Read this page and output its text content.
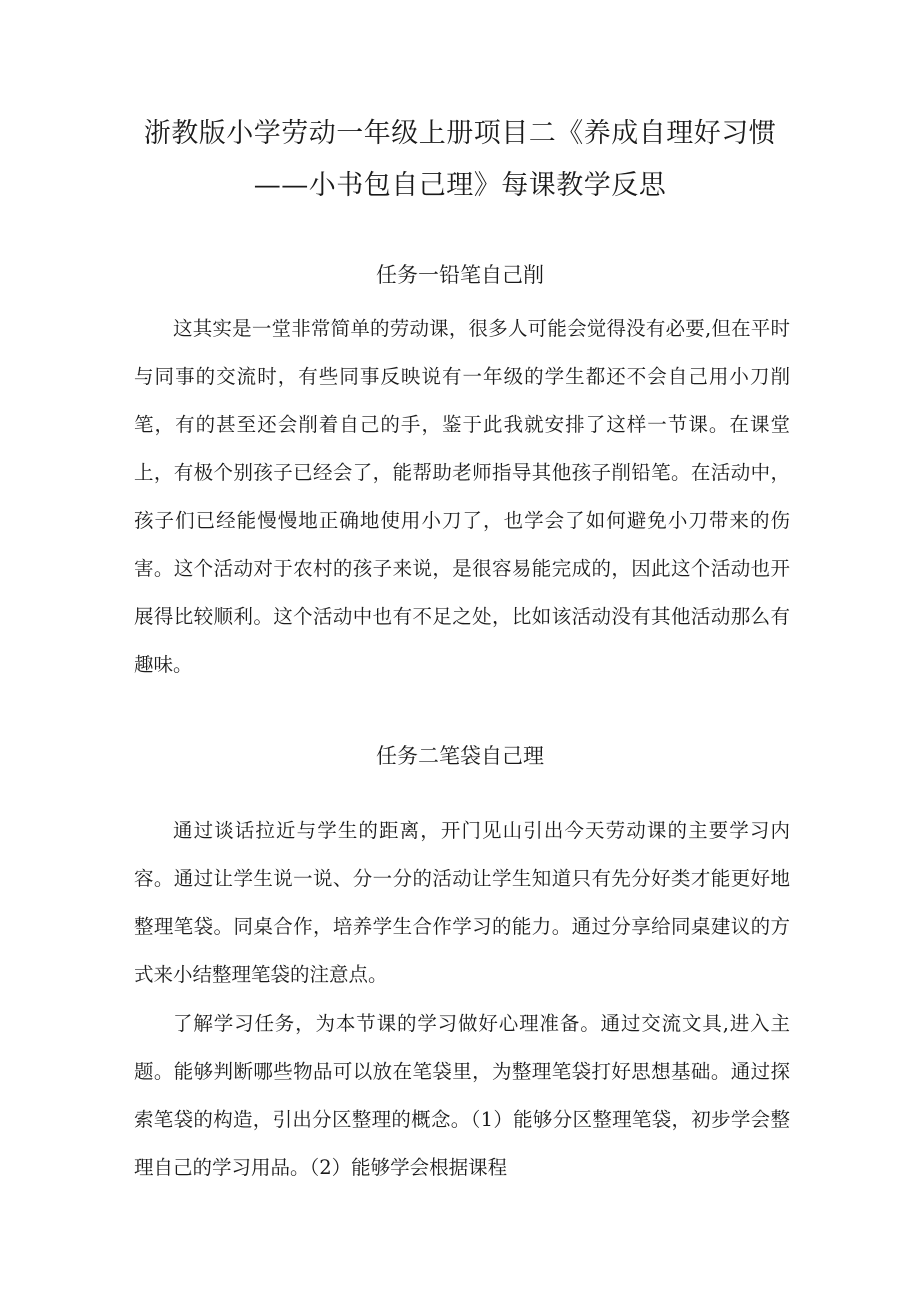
浙教版小学劳动一年级上册项目二《养成自理好习惯——小书包自己理》每课教学反思
任务一铅笔自己削

这其实是一堂非常简单的劳动课，很多人可能会觉得没有必要,但在平时与同事的交流时，有些同事反映说有一年级的学生都还不会自己用小刀削笔，有的甚至还会削着自己的手，鉴于此我就安排了这样一节课。在课堂上，有极个别孩子已经会了，能帮助老师指导其他孩子削铅笔。在活动中，孩子们已经能慢慢地正确地使用小刀了，也学会了如何避免小刀带来的伤害。这个活动对于农村的孩子来说，是很容易能完成的，因此这个活动也开展得比较顺利。这个活动中也有不足之处，比如该活动没有其他活动那么有趣味。

任务二笔袋自己理

通过谈话拉近与学生的距离，开门见山引出今天劳动课的主要学习内容。通过让学生说一说、分一分的活动让学生知道只有先分好类才能更好地整理笔袋。同桌合作，培养学生合作学习的能力。通过分享给同桌建议的方式来小结整理笔袋的注意点。

了解学习任务，为本节课的学习做好心理准备。通过交流文具,进入主题。能够判断哪些物品可以放在笔袋里，为整理笔袋打好思想基础。通过探索笔袋的构造，引出分区整理的概念。（1）能够分区整理笔袋，初步学会整理自己的学习用品。（2）能够学会根据课程
